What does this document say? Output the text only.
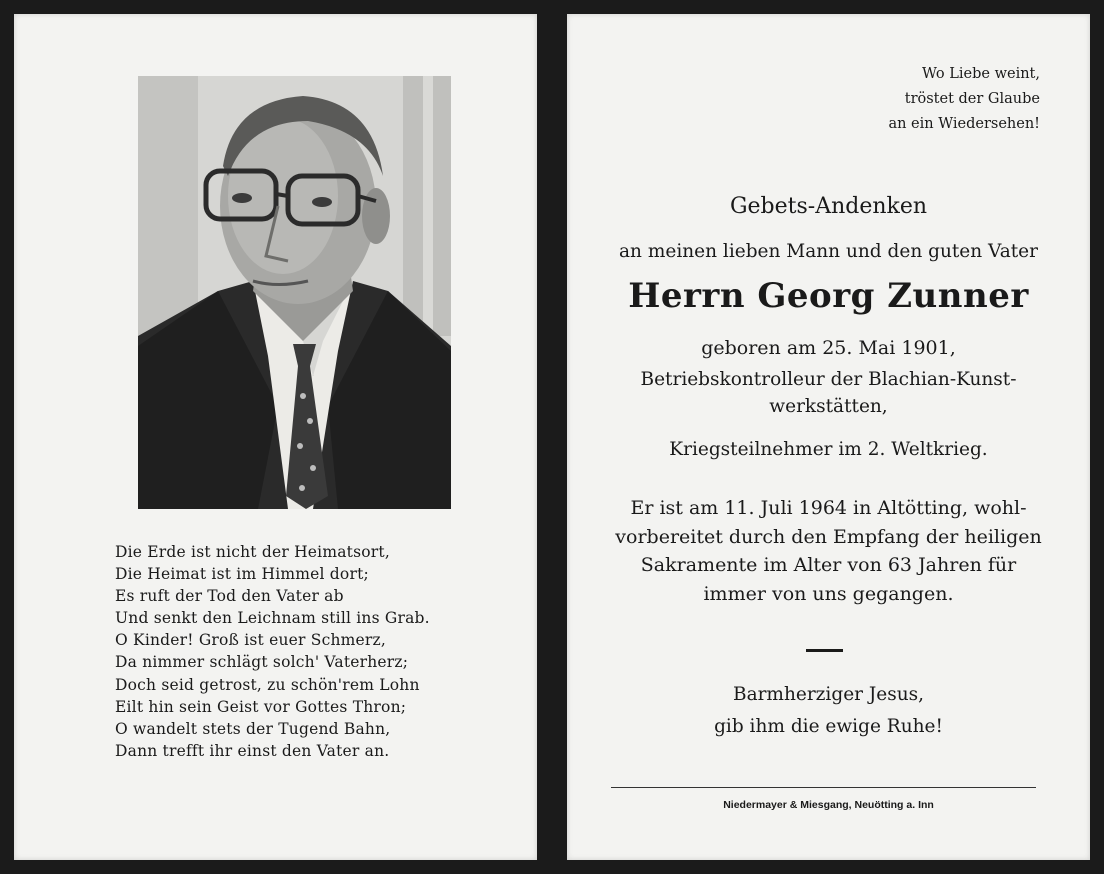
Die Erde ist nicht der Heimatsort,
Die Heimat ist im Himmel dort;
Es ruft der Tod den Vater ab
Und senkt den Leichnam still ins Grab.
O Kinder! Groß ist euer Schmerz,
Da nimmer schlägt solch' Vaterherz;
Doch seid getrost, zu schön'rem Lohn
Eilt hin sein Geist vor Gottes Thron;
O wandelt stets der Tugend Bahn,
Dann trefft ihr einst den Vater an.
Wo Liebe weint,
tröstet der Glaube
an ein Wiedersehen!
Gebets-Andenken
an meinen lieben Mann und den guten Vater
Herrn Georg Zunner
geboren am 25. Mai 1901,
Betriebskontrolleur der Blachian-Kunst-
werkstätten,
Kriegsteilnehmer im 2. Weltkrieg.
Er ist am 11. Juli 1964 in Altötting, wohl-
vorbereitet durch den Empfang der heiligen
Sakramente im Alter von 63 Jahren für
immer von uns gegangen.
Barmherziger Jesus,
gib ihm die ewige Ruhe!
Niedermayer & Miesgang, Neuötting a. Inn
